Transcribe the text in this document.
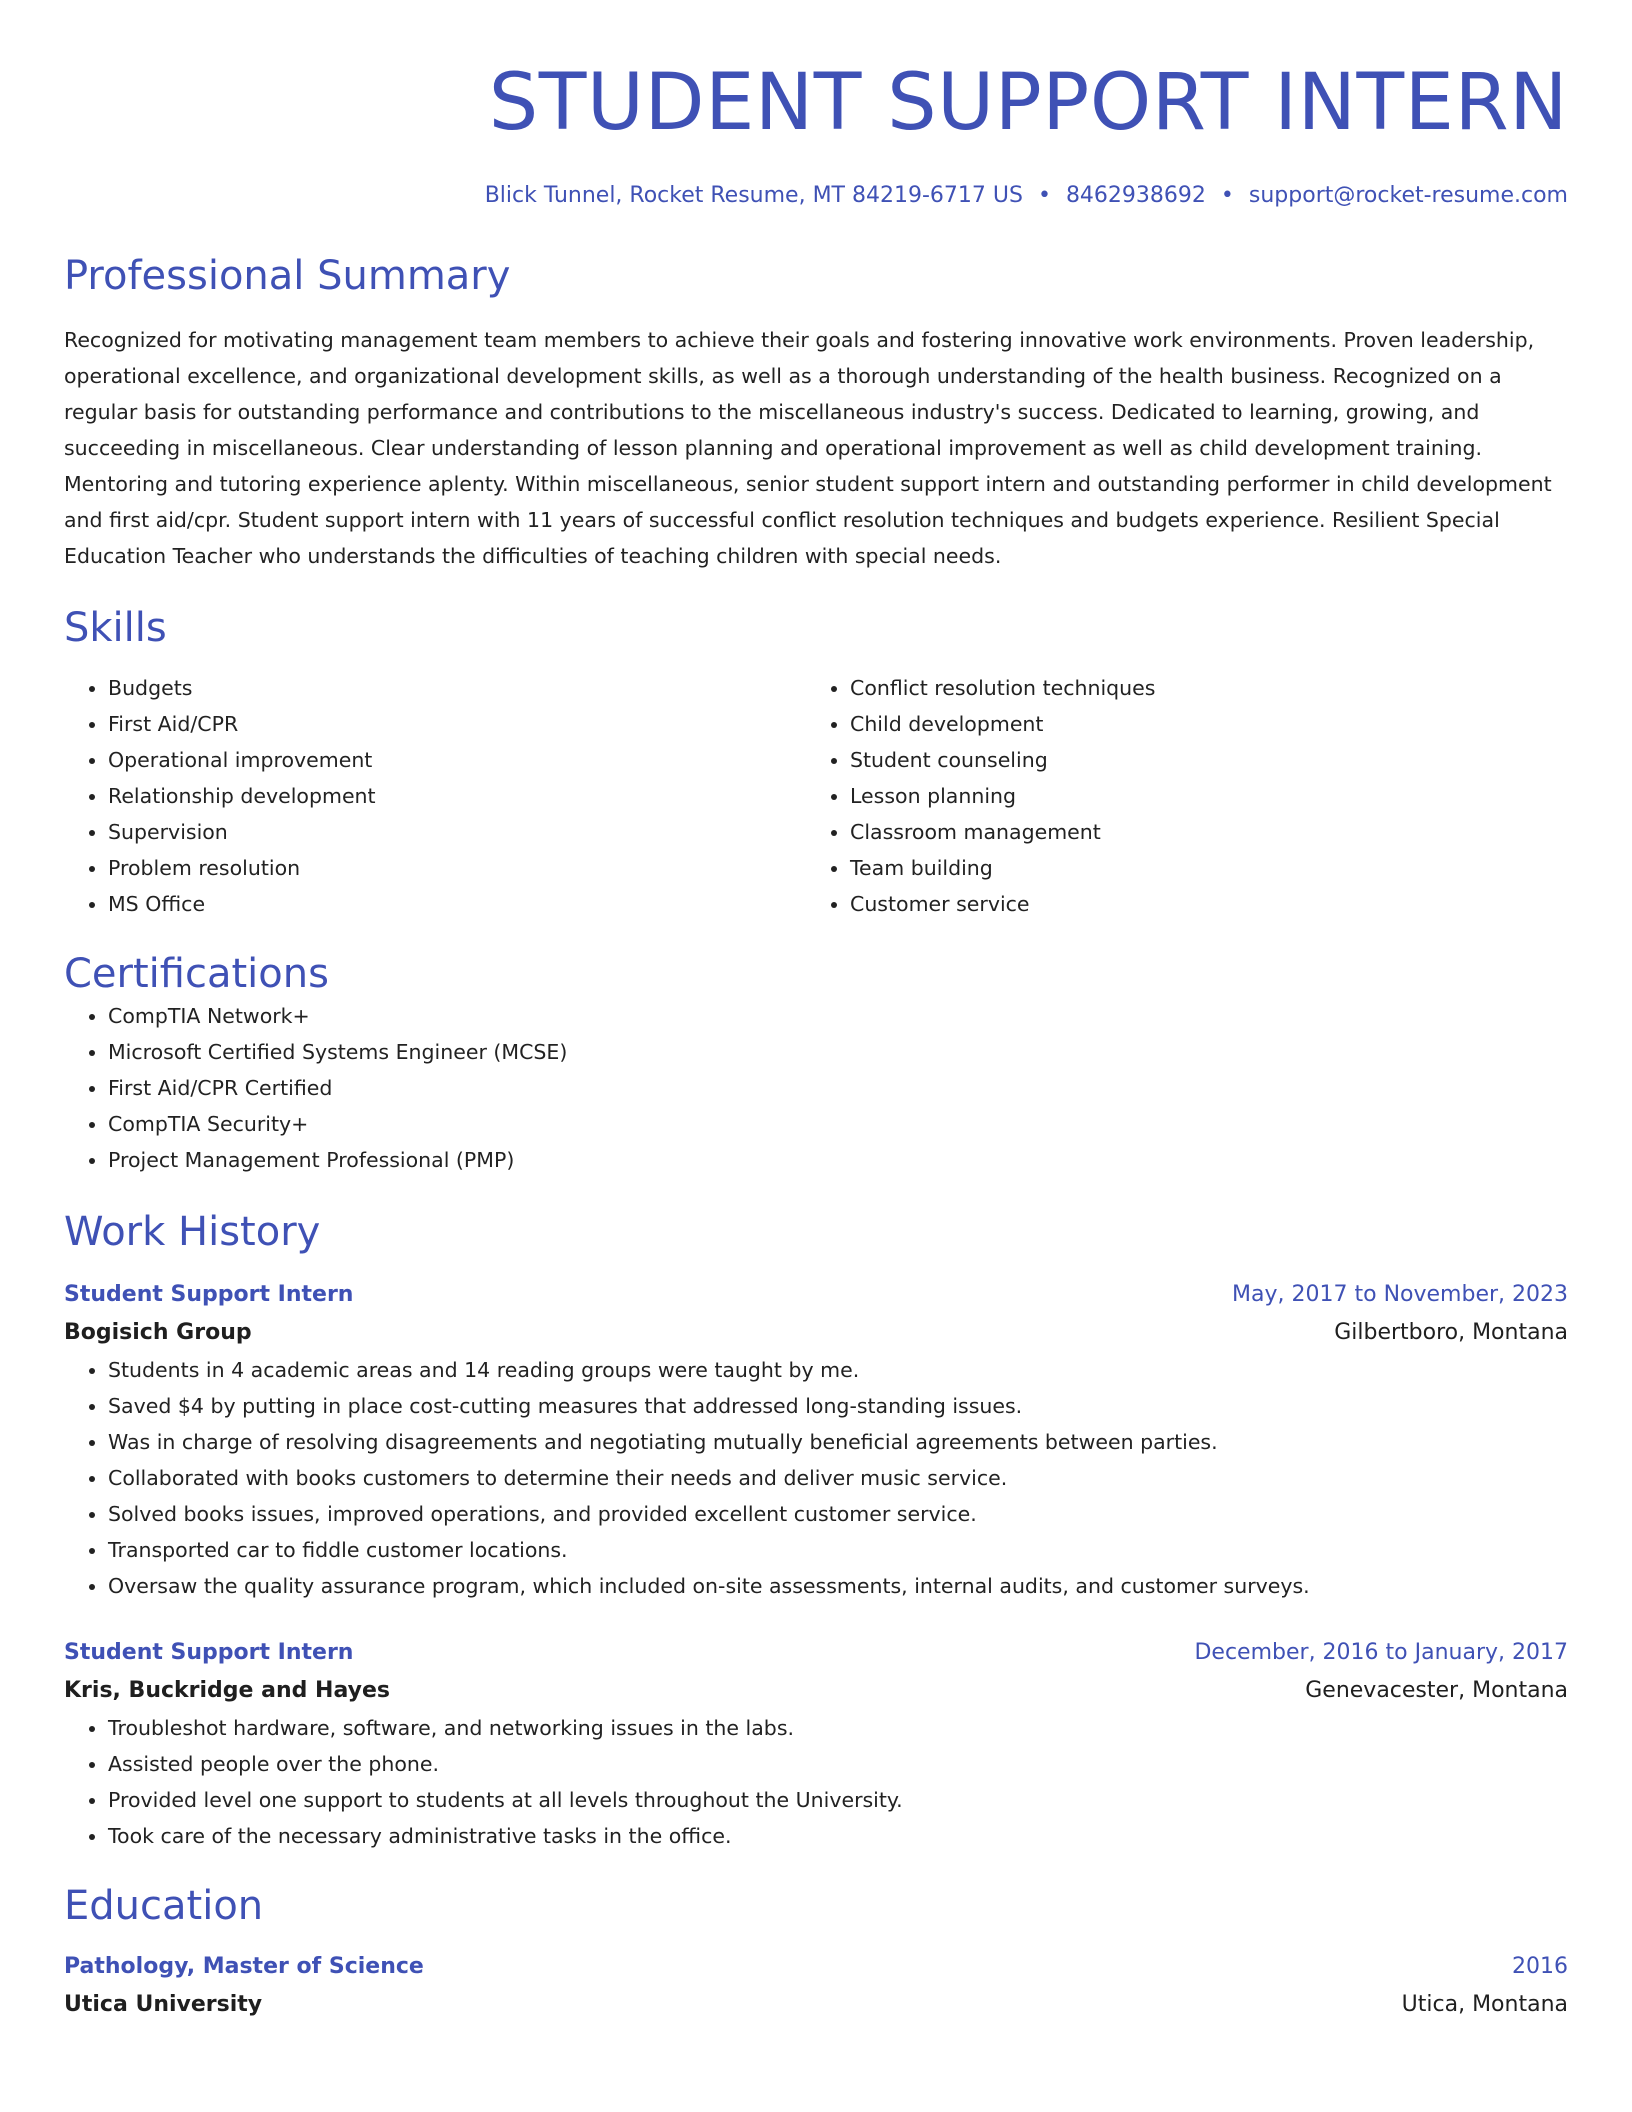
STUDENT SUPPORT INTERN
Blick Tunnel, Rocket Resume, MT 84219-6717 US • 8462938692 • support@rocket-resume.com
Professional Summary
Recognized for motivating management team members to achieve their goals and fostering innovative work environments. Proven leadership, operational excellence, and organizational development skills, as well as a thorough understanding of the health business. Recognized on a regular basis for outstanding performance and contributions to the miscellaneous industry's success. Dedicated to learning, growing, and succeeding in miscellaneous. Clear understanding of lesson planning and operational improvement as well as child development training. Mentoring and tutoring experience aplenty. Within miscellaneous, senior student support intern and outstanding performer in child development and first aid/cpr. Student support intern with 11 years of successful conflict resolution techniques and budgets experience. Resilient Special Education Teacher who understands the difficulties of teaching children with special needs.
Skills
• Budgets
• First Aid/CPR
• Operational improvement
• Relationship development
• Supervision
• Problem resolution
• MS Office
• Conflict resolution techniques
• Child development
• Student counseling
• Lesson planning
• Classroom management
• Team building
• Customer service
Certifications
• CompTIA Network+
• Microsoft Certified Systems Engineer (MCSE)
• First Aid/CPR Certified
• CompTIA Security+
• Project Management Professional (PMP)
Work History
Student Support Intern	May, 2017 to November, 2023
Bogisich Group	Gilbertboro, Montana
• Students in 4 academic areas and 14 reading groups were taught by me.
• Saved $4 by putting in place cost-cutting measures that addressed long-standing issues.
• Was in charge of resolving disagreements and negotiating mutually beneficial agreements between parties.
• Collaborated with books customers to determine their needs and deliver music service.
• Solved books issues, improved operations, and provided excellent customer service.
• Transported car to fiddle customer locations.
• Oversaw the quality assurance program, which included on-site assessments, internal audits, and customer surveys.
Student Support Intern	December, 2016 to January, 2017
Kris, Buckridge and Hayes	Genevacester, Montana
• Troubleshot hardware, software, and networking issues in the labs.
• Assisted people over the phone.
• Provided level one support to students at all levels throughout the University.
• Took care of the necessary administrative tasks in the office.
Education
Pathology, Master of Science	2016
Utica University	Utica, Montana
